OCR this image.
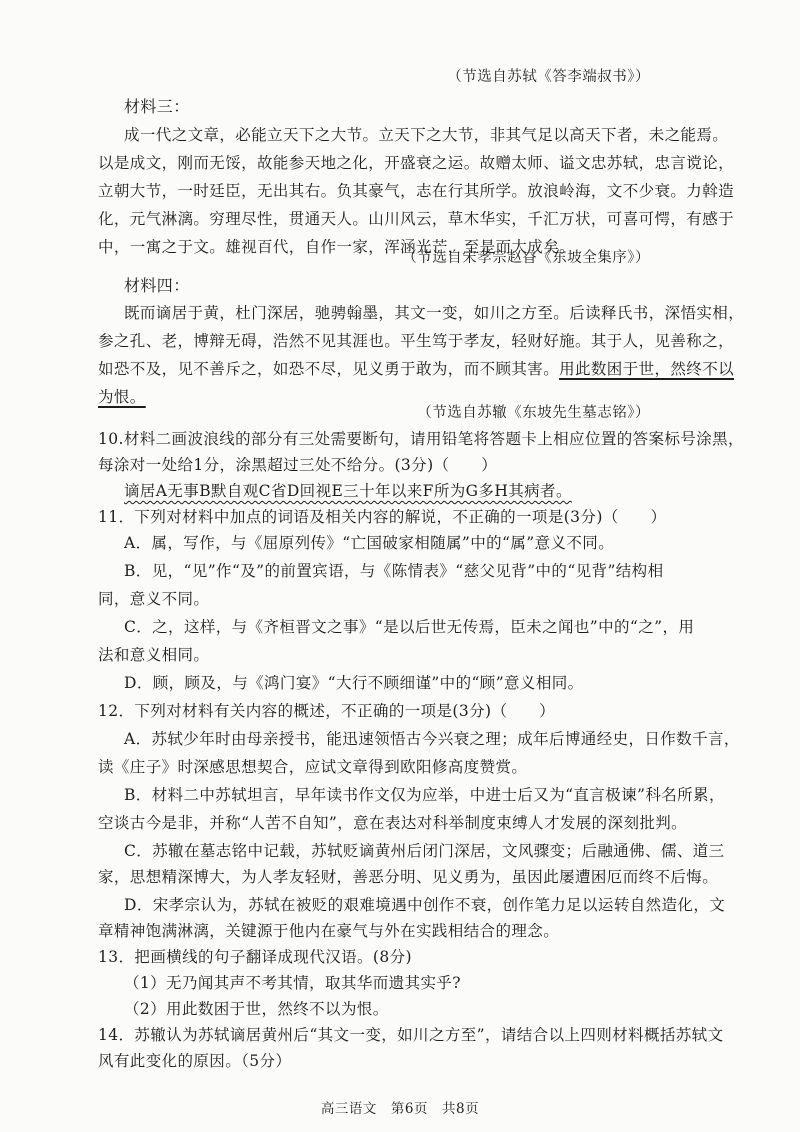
（节选自苏轼《答李端叔书》）
材料三：
成一代之文章，必能立天下之大节。立天下之大节，非其气足以高天下者，未之能焉。
以是成文，刚而无馁，故能参天地之化，开盛衰之运。故赠太师、谥文忠苏轼，忠言谠论，
立朝大节，一时廷臣，无出其右。负其豪气，志在行其所学。放浪岭海，文不少衰。力斡造
化，元气淋漓。穷理尽性，贯通天人。山川风云，草木华实，千汇万状，可喜可愕，有感于
中，一寓之于文。雄视百代，自作一家，浑涵光芒，至是而大成矣。
（节选自宋孝宗赵昚《东坡全集序》）
材料四：
既而谪居于黄，杜门深居，驰骋翰墨，其文一变，如川之方至。后读释氏书，深悟实相，
参之孔、老，博辩无碍，浩然不见其涯也。平生笃于孝友，轻财好施。其于人，见善称之，
如恐不及，见不善斥之，如恐不尽，见义勇于敢为，而不顾其害。用此数困于世，然终不以
为恨。
（节选自苏辙《东坡先生墓志铭》）
10.材料二画波浪线的部分有三处需要断句，请用铅笔将答题卡上相应位置的答案标号涂黑，
每涂对一处给1分，涂黑超过三处不给分。(3分)（　　）
谪居A无事B默自观C省D回视E三十年以来F所为G多H其病者。
11．下列对材料中加点的词语及相关内容的解说，不正确的一项是(3分)（　　）
A．属，写作，与《屈原列传》“亡国破家相随属”中的“属”意义不同。
B．见，“见”作“及”的前置宾语，与《陈情表》“慈父见背”中的“见背”结构相
同，意义不同。
C．之，这样，与《齐桓晋文之事》“是以后世无传焉，臣未之闻也”中的“之”，用
法和意义相同。
D．顾，顾及，与《鸿门宴》“大行不顾细谨”中的“顾”意义相同。
12．下列对材料有关内容的概述，不正确的一项是(3分)（　　）
A．苏轼少年时由母亲授书，能迅速领悟古今兴衰之理；成年后博通经史，日作数千言，
读《庄子》时深感思想契合，应试文章得到欧阳修高度赞赏。
B．材料二中苏轼坦言，早年读书作文仅为应举，中进士后又为“直言极谏”科名所累，
空谈古今是非，并称“人苦不自知”，意在表达对科举制度束缚人才发展的深刻批判。
C．苏辙在墓志铭中记载，苏轼贬谪黄州后闭门深居，文风骤变；后融通佛、儒、道三
家，思想精深博大，为人孝友轻财，善恶分明、见义勇为，虽因此屡遭困厄而终不后悔。
D．宋孝宗认为，苏轼在被贬的艰难境遇中创作不衰，创作笔力足以运转自然造化，文
章精神饱满淋漓，关键源于他内在豪气与外在实践相结合的理念。
13．把画横线的句子翻译成现代汉语。(8分)
（1）无乃闻其声不考其情，取其华而遗其实乎?
（2）用此数困于世，然终不以为恨。
14．苏辙认为苏轼谪居黄州后“其文一变，如川之方至”，请结合以上四则材料概括苏轼文
风有此变化的原因。（5分）
高三语文　第6页　共8页
